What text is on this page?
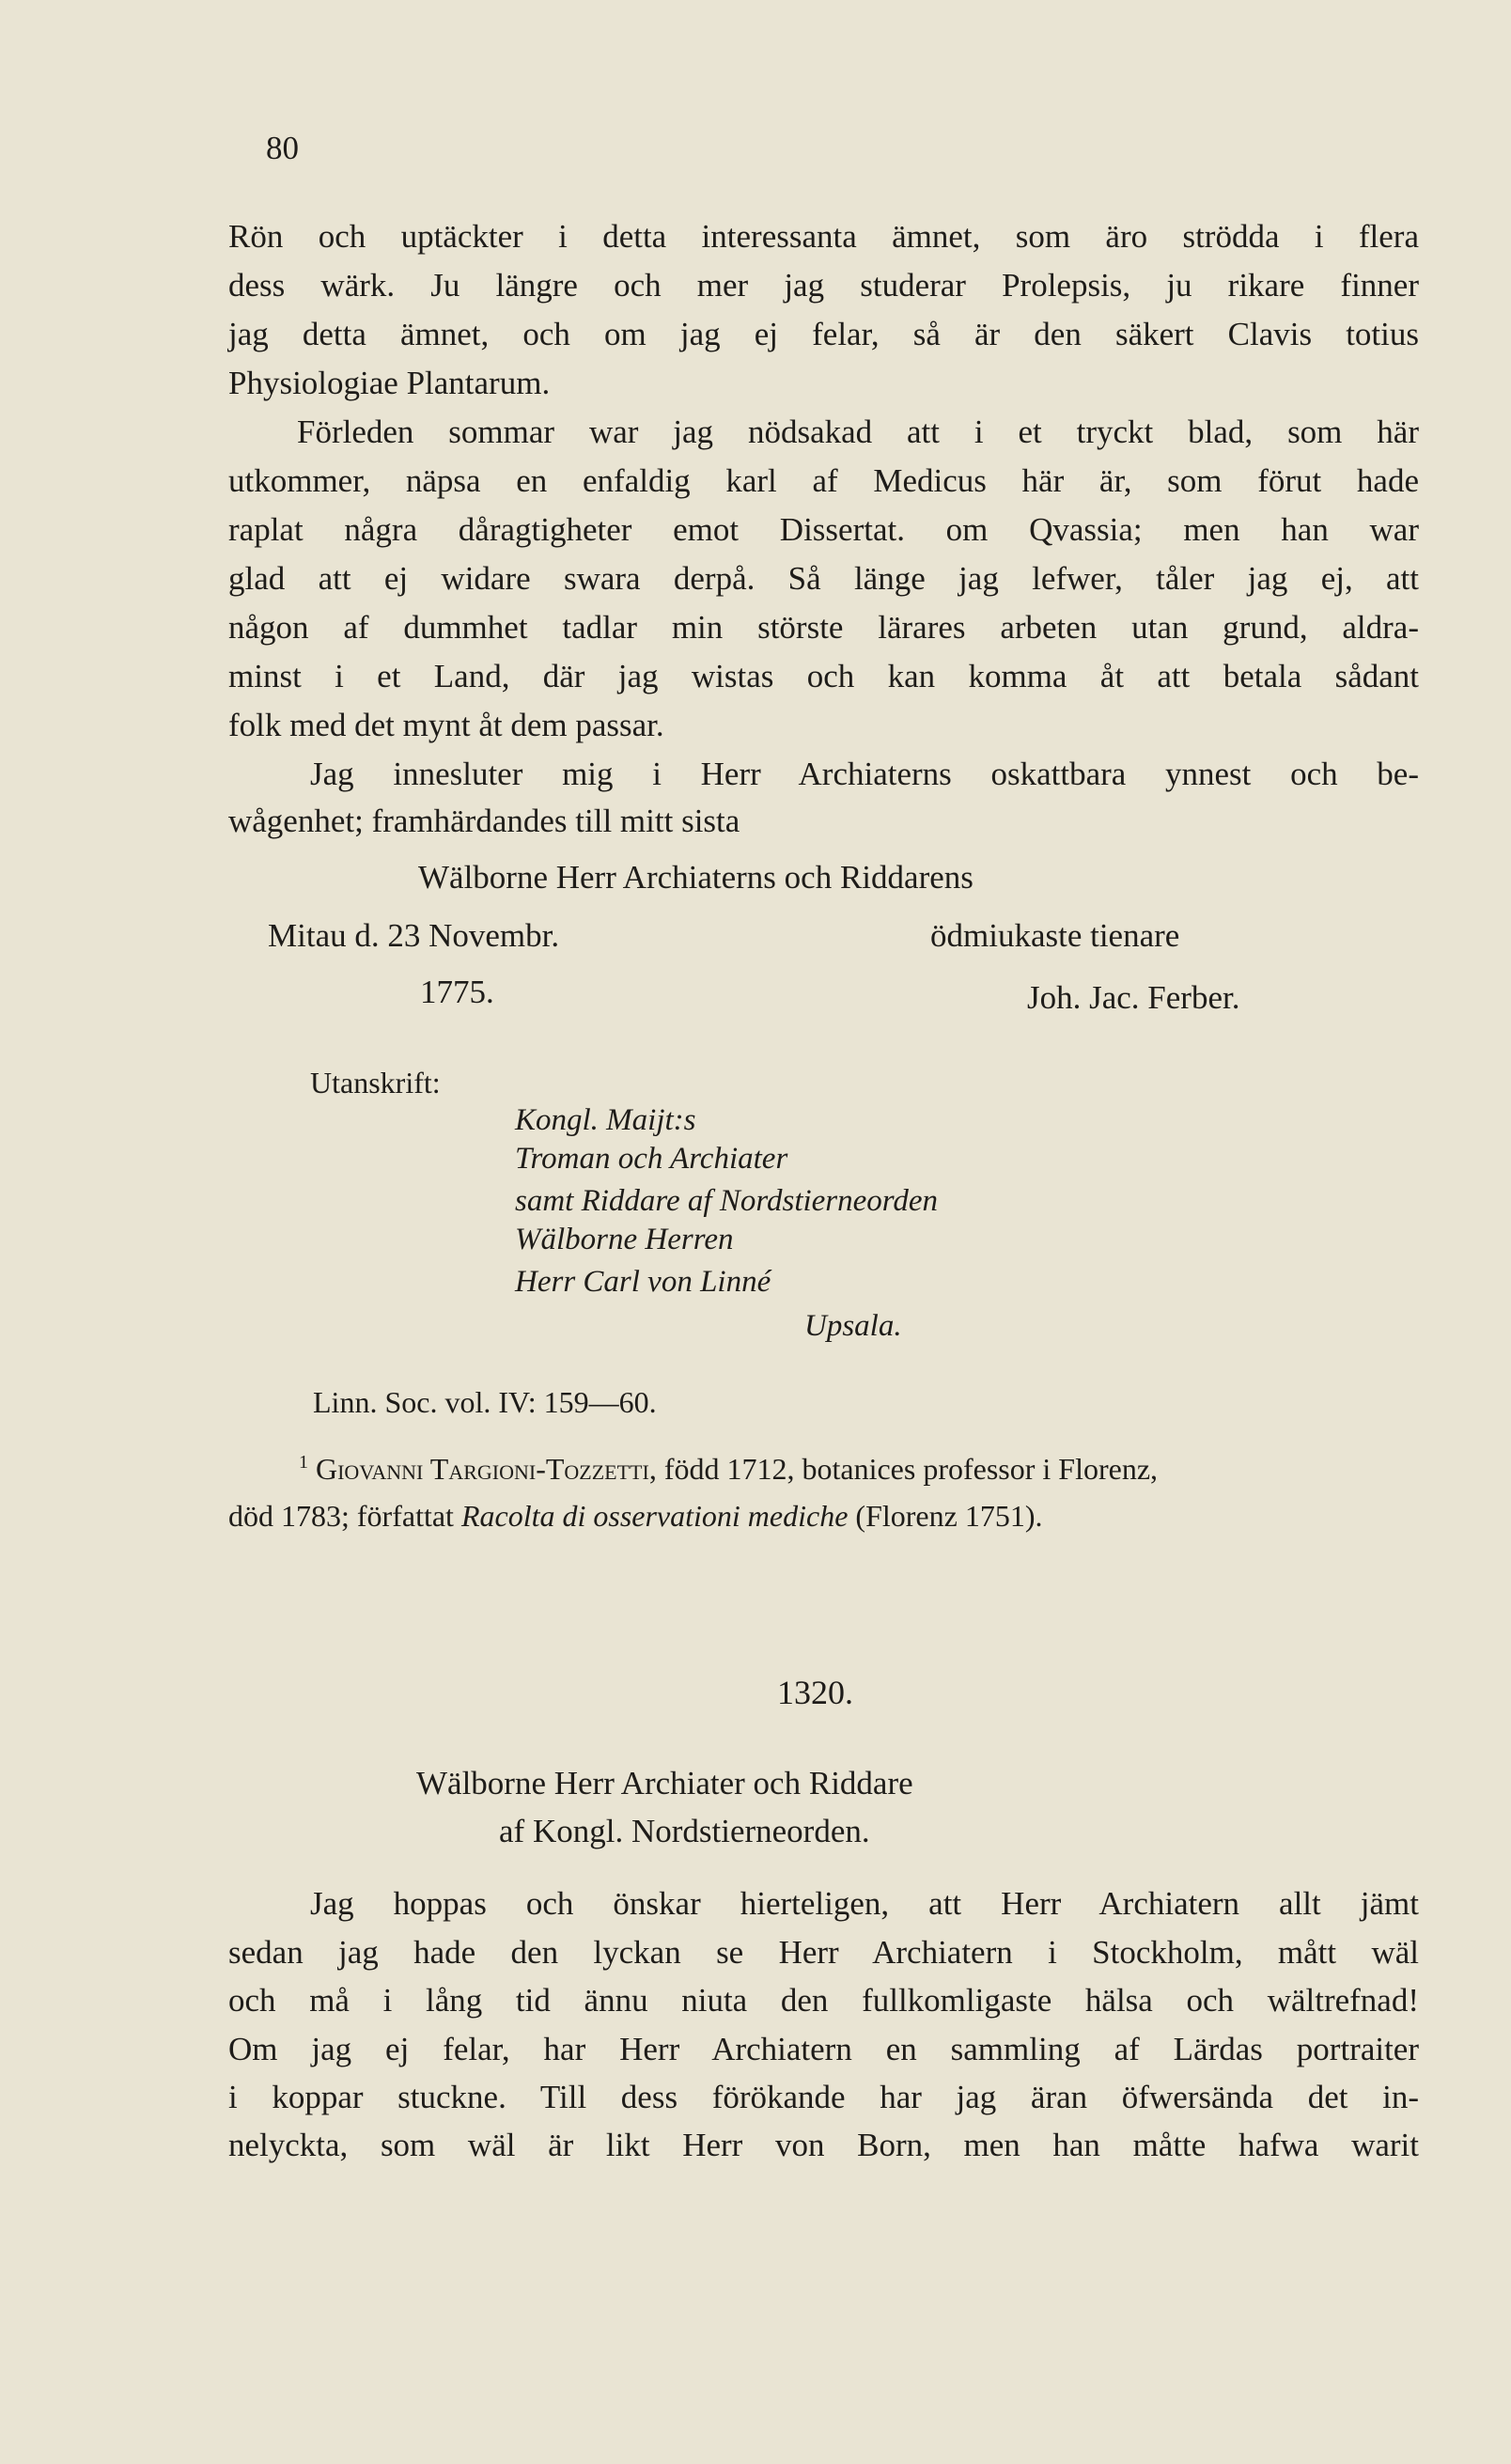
80
Rön och uptäckter i detta interessanta ämnet, som äro strödda i flera
dess wärk. Ju längre och mer jag studerar Prolepsis, ju rikare finner
jag detta ämnet, och om jag ej felar, så är den säkert Clavis totius
Physiologiae Plantarum.
Förleden sommar war jag nödsakad att i et tryckt blad, som här
utkommer, näpsa en enfaldig karl af Medicus här är, som förut hade
raplat några dåragtigheter emot Dissertat. om Qvassia; men han war
glad att ej widare swara derpå. Så länge jag lefwer, tåler jag ej, att
någon af dummhet tadlar min störste lärares arbeten utan grund, aldra-
minst i et Land, där jag wistas och kan komma åt att betala sådant
folk med det mynt åt dem passar.
Jag innesluter mig i Herr Archiaterns oskattbara ynnest och be-
wågenhet; framhärdandes till mitt sista
Wälborne Herr Archiaterns och Riddarens
Mitau d. 23 Novembr.	ödmiukaste tienare
1775.	Joh. Jac. Ferber.
Utanskrift:
Kongl. Maijt:s
Troman och Archiater
samt Riddare af Nordstierneorden
Wälborne Herren
Herr Carl von Linné
Upsala.
Linn. Soc. vol. IV: 159—60.
$^1$ Giovanni Targioni-Tozzetti, född 1712, botanices professor i Florenz,
död 1783; författat Racolta di osservationi mediche (Florenz 1751).
1320.
Wälborne Herr Archiater och Riddare
af Kongl. Nordstierneorden.
Jag hoppas och önskar hierteligen, att Herr Archiatern allt jämt
sedan jag hade den lyckan se Herr Archiatern i Stockholm, mått wäl
och må i lång tid ännu niuta den fullkomligaste hälsa och wältrefnad!
Om jag ej felar, har Herr Archiatern en sammling af Lärdas portraiter
i koppar stuckne. Till dess förökande har jag äran öfwersända det in-
nelyckta, som wäl är likt Herr von Born, men han måtte hafwa warit
